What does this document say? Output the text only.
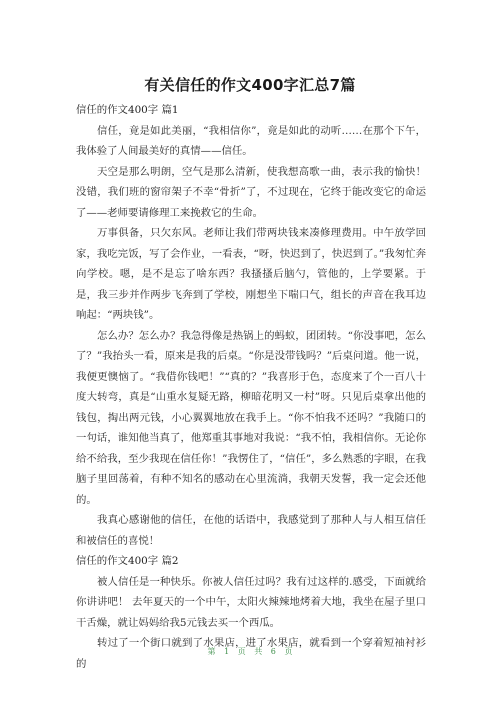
有关信任的作文400字汇总7篇

信任的作文400字 篇1

信任，竟是如此美丽，“我相信你”，竟是如此的动听……在那个下午，我体验了人间最美好的真情——信任。

天空是那么明朗，空气是那么清新，使我想高歌一曲，表示我的愉快！没错，我们班的窗帘架子不幸“骨折”了，不过现在，它终于能改变它的命运了——老师要请修理工来挽救它的生命。

万事俱备，只欠东风。老师让我们带两块钱来凑修理费用。中午放学回家，我吃完饭，写了会作业，一看表，“呀，快迟到了，快迟到了。”我匆忙奔向学校。嗯，是不是忘了啥东西？我搔搔后脑勺，管他的，上学要紧。于是，我三步并作两步飞奔到了学校，刚想坐下喘口气，组长的声音在我耳边响起：“两块钱”。

怎么办？怎么办？我急得像是热锅上的蚂蚁，团团转。“你没事吧，怎么了？”我抬头一看，原来是我的后桌。“你是没带钱吗？”后桌问道。他一说，我便更懊恼了。“我借你钱吧！”“真的？”我喜形于色，态度来了个一百八十度大转弯，真是“山重水复疑无路，柳暗花明又一村”呀。只见后桌拿出他的钱包，掏出两元钱，小心翼翼地放在我手上。“你不怕我不还吗？”我随口的一句话，谁知他当真了，他郑重其事地对我说：“我不怕，我相信你。无论你给不给我，至少我现在信任你！”我愣住了，“信任”，多么熟悉的字眼，在我脑子里回荡着，有种不知名的感动在心里流淌，我朝天发誓，我一定会还他的。

我真心感谢他的信任，在他的话语中，我感觉到了那种人与人相互信任和被信任的喜悦！

信任的作文400字 篇2

被人信任是一种快乐。你被人信任过吗？我有过这样的.感受，下面就给你讲讲吧！ 去年夏天的一个中午，太阳火辣辣地烤着大地，我坐在屋子里口干舌燥，就让妈妈给我5元钱去买一个西瓜。

转过了一个街口就到了水果店，进了水果店，就看到一个穿着短袖衬衫的

第 1 页 共 6 页
